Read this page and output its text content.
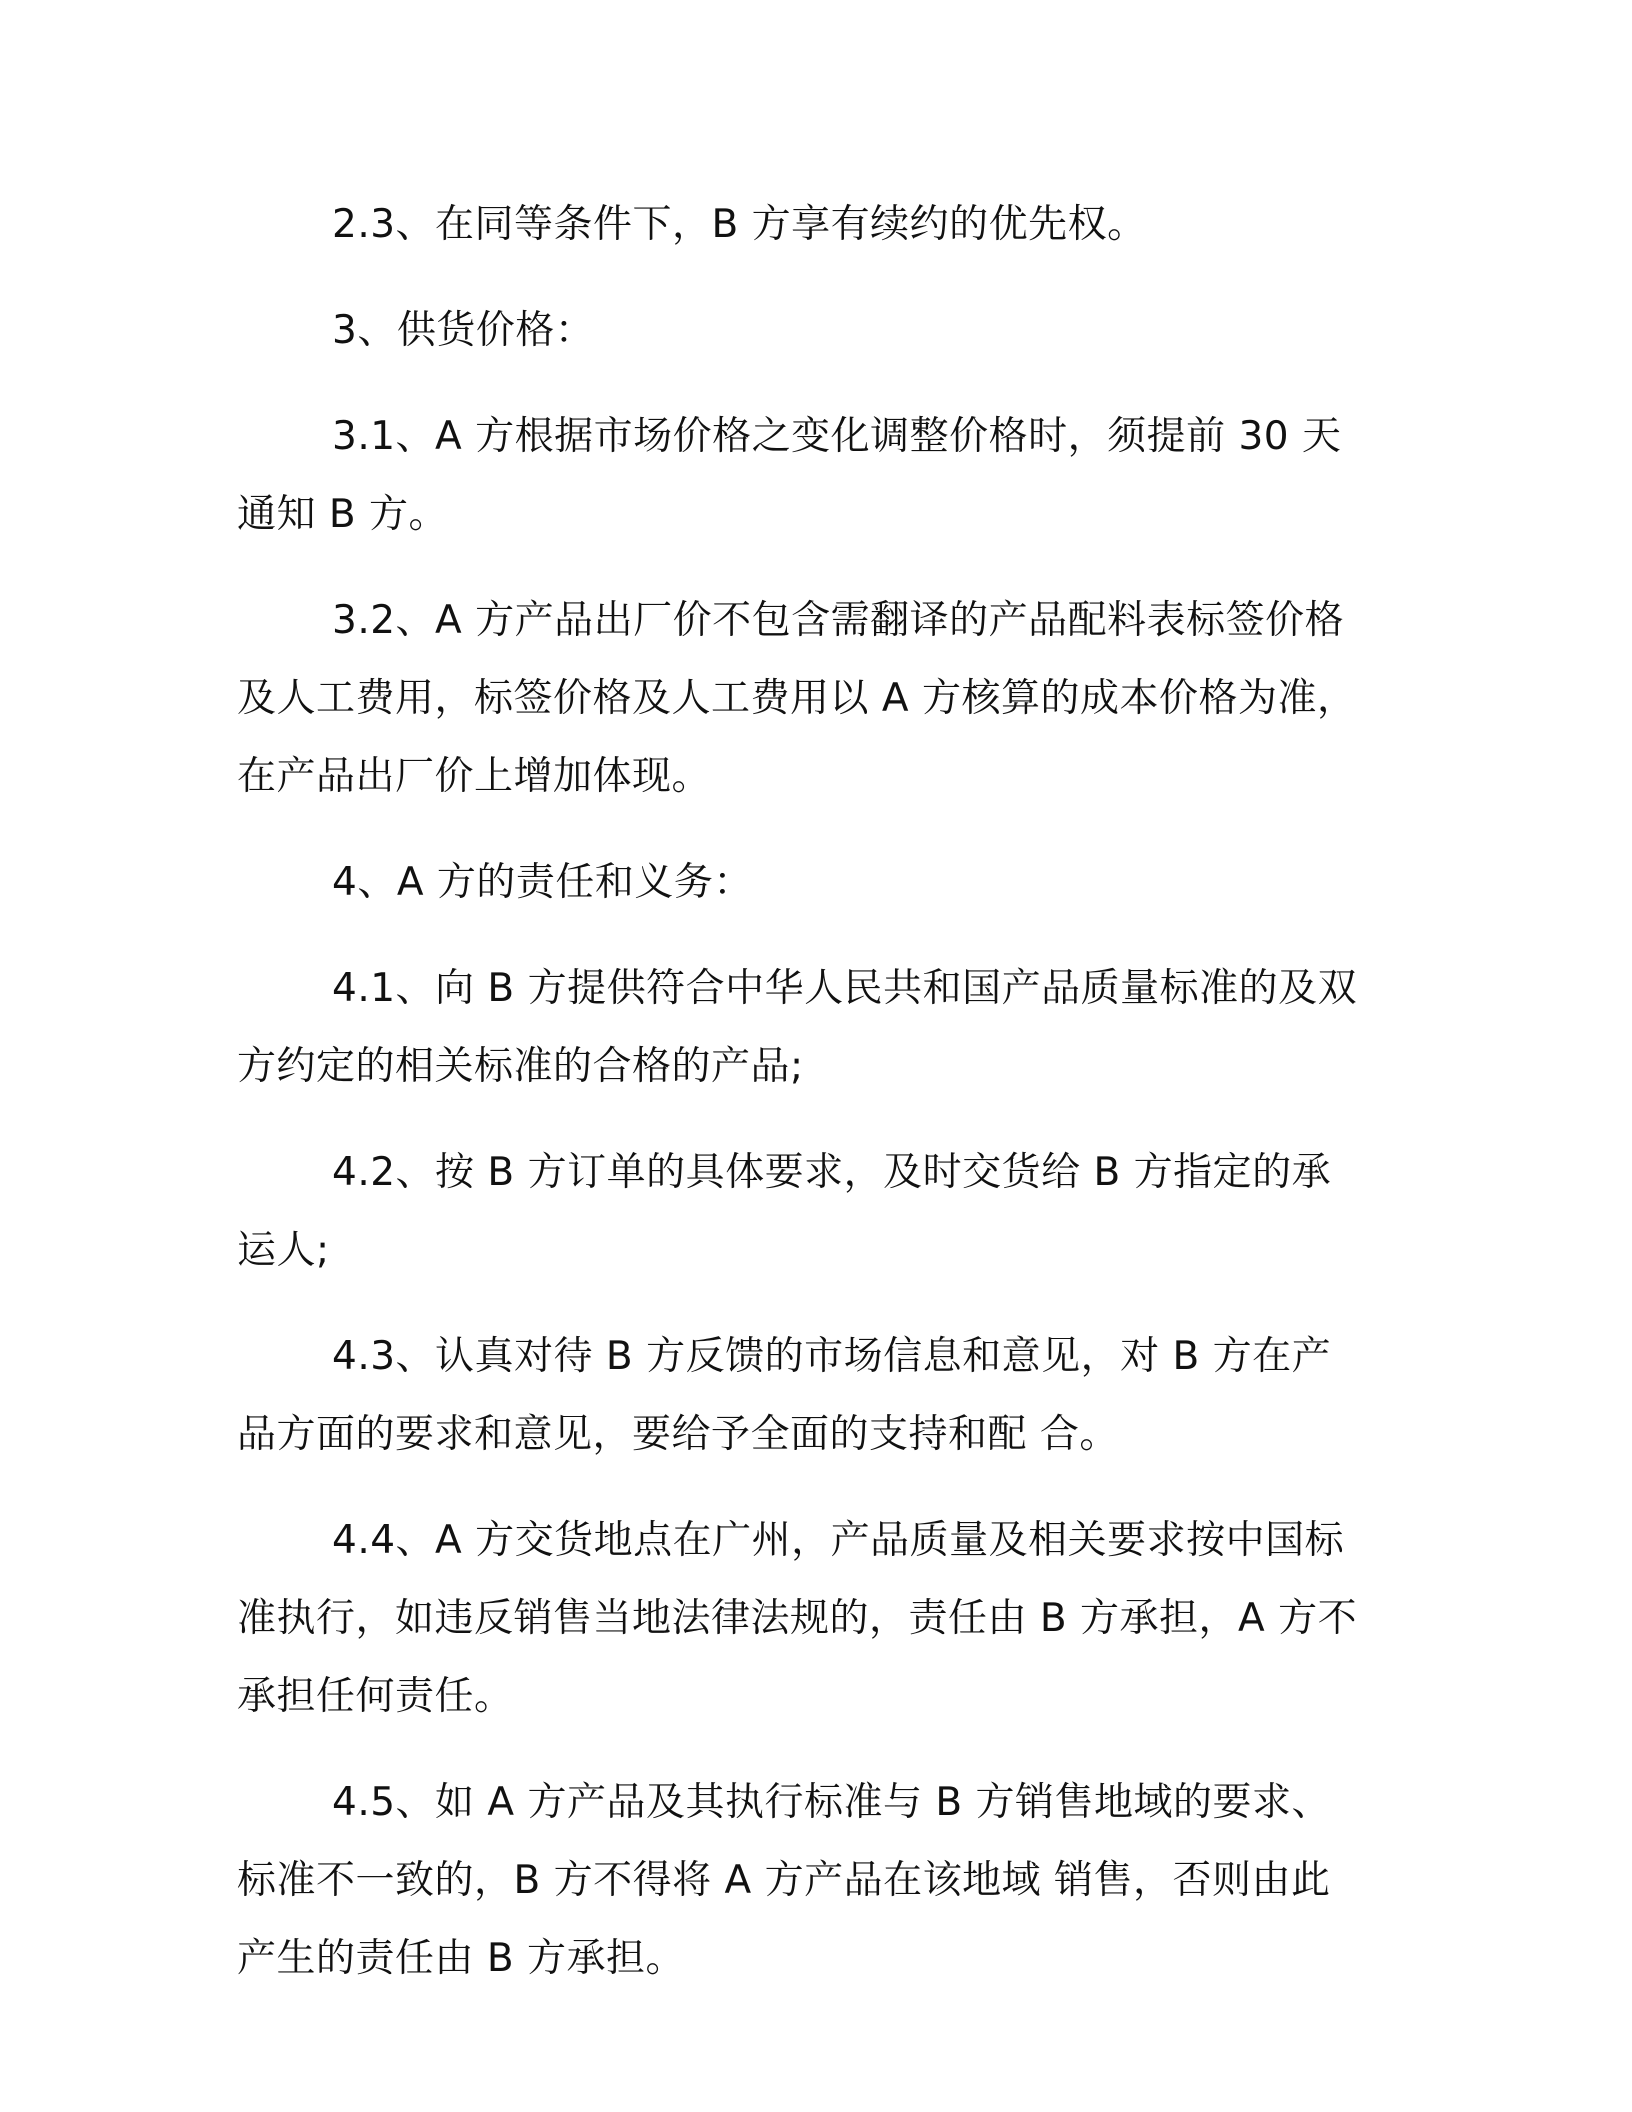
2.3、在同等条件下，B 方享有续约的优先权。

3、供货价格：

3.1、A 方根据市场价格之变化调整价格时，须提前 30 天通知 B 方。

3.2、A 方产品出厂价不包含需翻译的产品配料表标签价格及人工费用，标签价格及人工费用以 A 方核算的成本价格为准，在产品出厂价上增加体现。

4、A 方的责任和义务：

4.1、向 B 方提供符合中华人民共和国产品质量标准的及双方约定的相关标准的合格的产品;

4.2、按 B 方订单的具体要求，及时交货给 B 方指定的承运人;

4.3、认真对待 B 方反馈的市场信息和意见，对 B 方在产品方面的要求和意见，要给予全面的支持和配 合。

4.4、A 方交货地点在广州，产品质量及相关要求按中国标准执行，如违反销售当地法律法规的，责任由 B 方承担，A 方不承担任何责任。

4.5、如 A 方产品及其执行标准与 B 方销售地域的要求、标准不一致的，B 方不得将 A 方产品在该地域 销售，否则由此产生的责任由 B 方承担。
